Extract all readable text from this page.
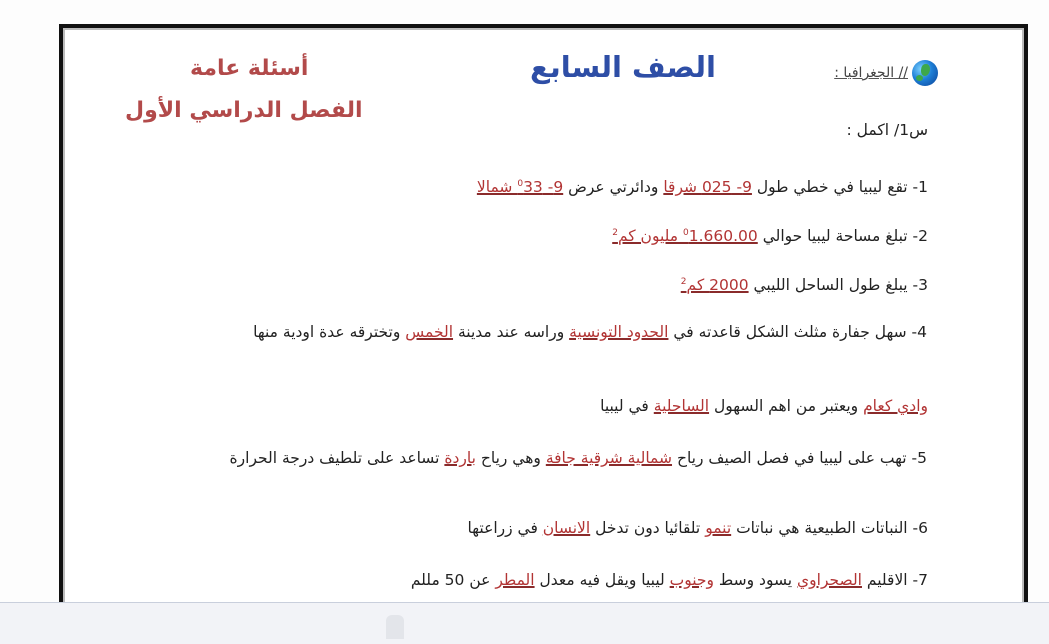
// الجغرافيا :
الصف السابع
أسئلة عامة
الفصل الدراسي الأول
س1/ اكمل :
1- تقع ليبيا في خطي طول 9- 025 شرقا ودائرتي عرض 9- $^0$33 شمالا
2- تبلغ مساحة ليبيا حوالي $^0$1.660.00 مليون كم$^2$
3- يبلغ طول الساحل الليبي 2000 كم$^2$
4- سهل جفارة مثلث الشكل قاعدته في الحدود التونسية وراسه عند مدينة الخمس وتخترقه عدة اودية منها
وادي كعام ويعتبر من اهم السهول الساحلية في ليبيا
5- تهب على ليبيا في فصل الصيف رياح شمالية شرقية جافة وهي رياح باردة تساعد على تلطيف درجة الحرارة
6- النباتات الطبيعية هي نباتات تنمو تلقائيا دون تدخل الانسان في زراعتها
7- الاقليم الصحراوي يسود وسط وجنوب ليبيا ويقل فيه معدل المطر عن 50 مللم
